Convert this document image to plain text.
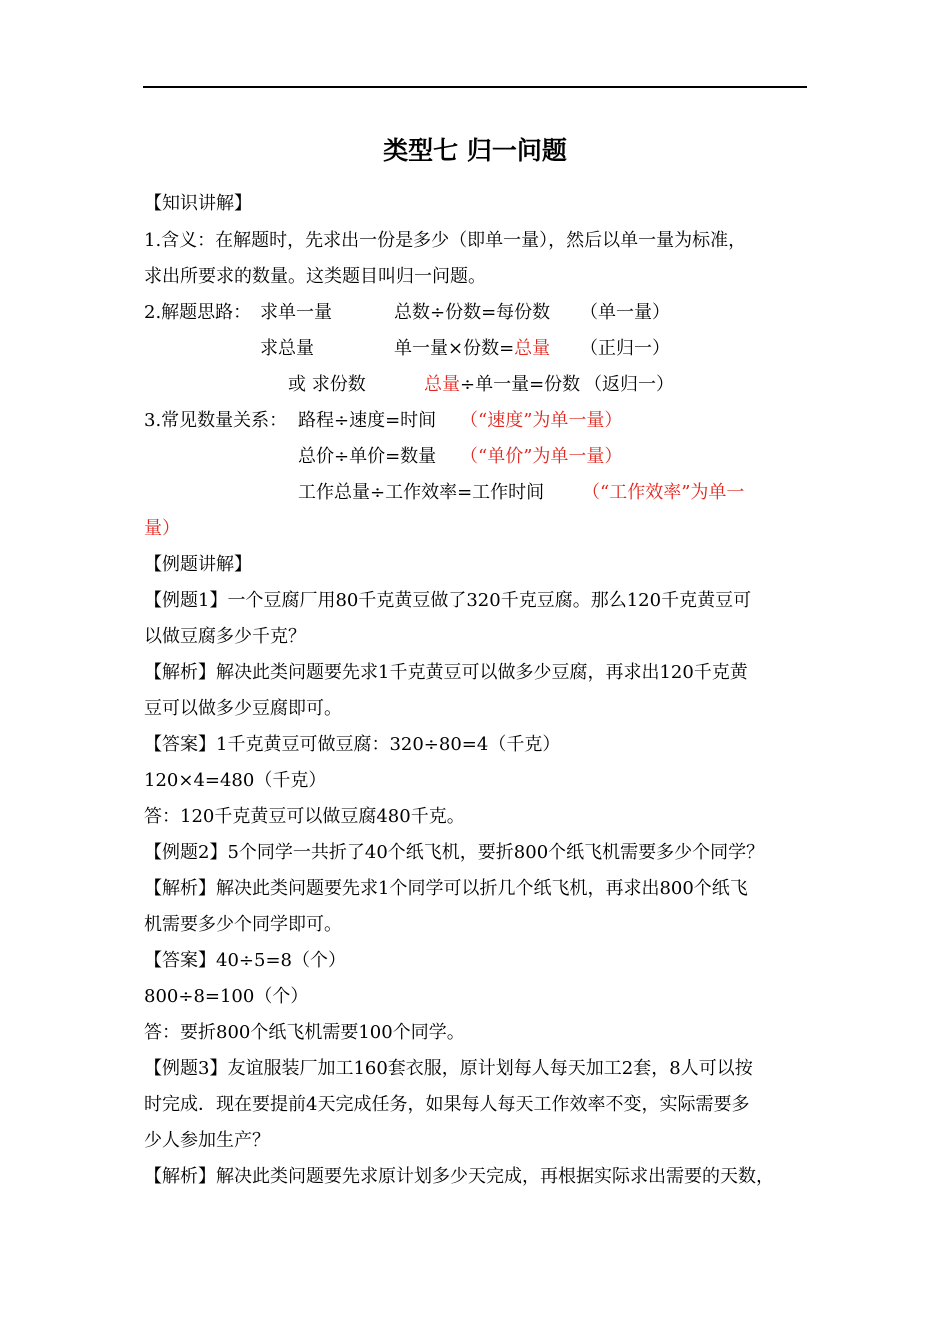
类型七 归一问题
【知识讲解】
1.含义：在解题时，先求出一份是多少（即单一量），然后以单一量为标准，
求出所要求的数量。这类题目叫归一问题。
2.解题思路： 求单一量	总数÷份数=每份数 （单一量）
求总量	单一量×份数=总量 （正归一）
或 求份数	总量÷单一量=份数 （返归一）
3.常见数量关系： 路程÷速度=时间 （“速度”为单一量）
总价÷单价=数量 （“单价”为单一量）
工作总量÷工作效率=工作时间 （“工作效率”为单一
量）
【例题讲解】
【例题1】一个豆腐厂用80千克黄豆做了320千克豆腐。那么120千克黄豆可
以做豆腐多少千克？
【解析】解决此类问题要先求1千克黄豆可以做多少豆腐，再求出120千克黄
豆可以做多少豆腐即可。
【答案】1千克黄豆可做豆腐：320÷80=4（千克）
120×4=480（千克）
答：120千克黄豆可以做豆腐480千克。
【例题2】5个同学一共折了40个纸飞机，要折800个纸飞机需要多少个同学？
【解析】解决此类问题要先求1个同学可以折几个纸飞机，再求出800个纸飞
机需要多少个同学即可。
【答案】40÷5=8（个）
800÷8=100（个）
答：要折800个纸飞机需要100个同学。
【例题3】友谊服装厂加工160套衣服，原计划每人每天加工2套，8人可以按
时完成．现在要提前4天完成任务，如果每人每天工作效率不变，实际需要多
少人参加生产？
【解析】解决此类问题要先求原计划多少天完成，再根据实际求出需要的天数，
